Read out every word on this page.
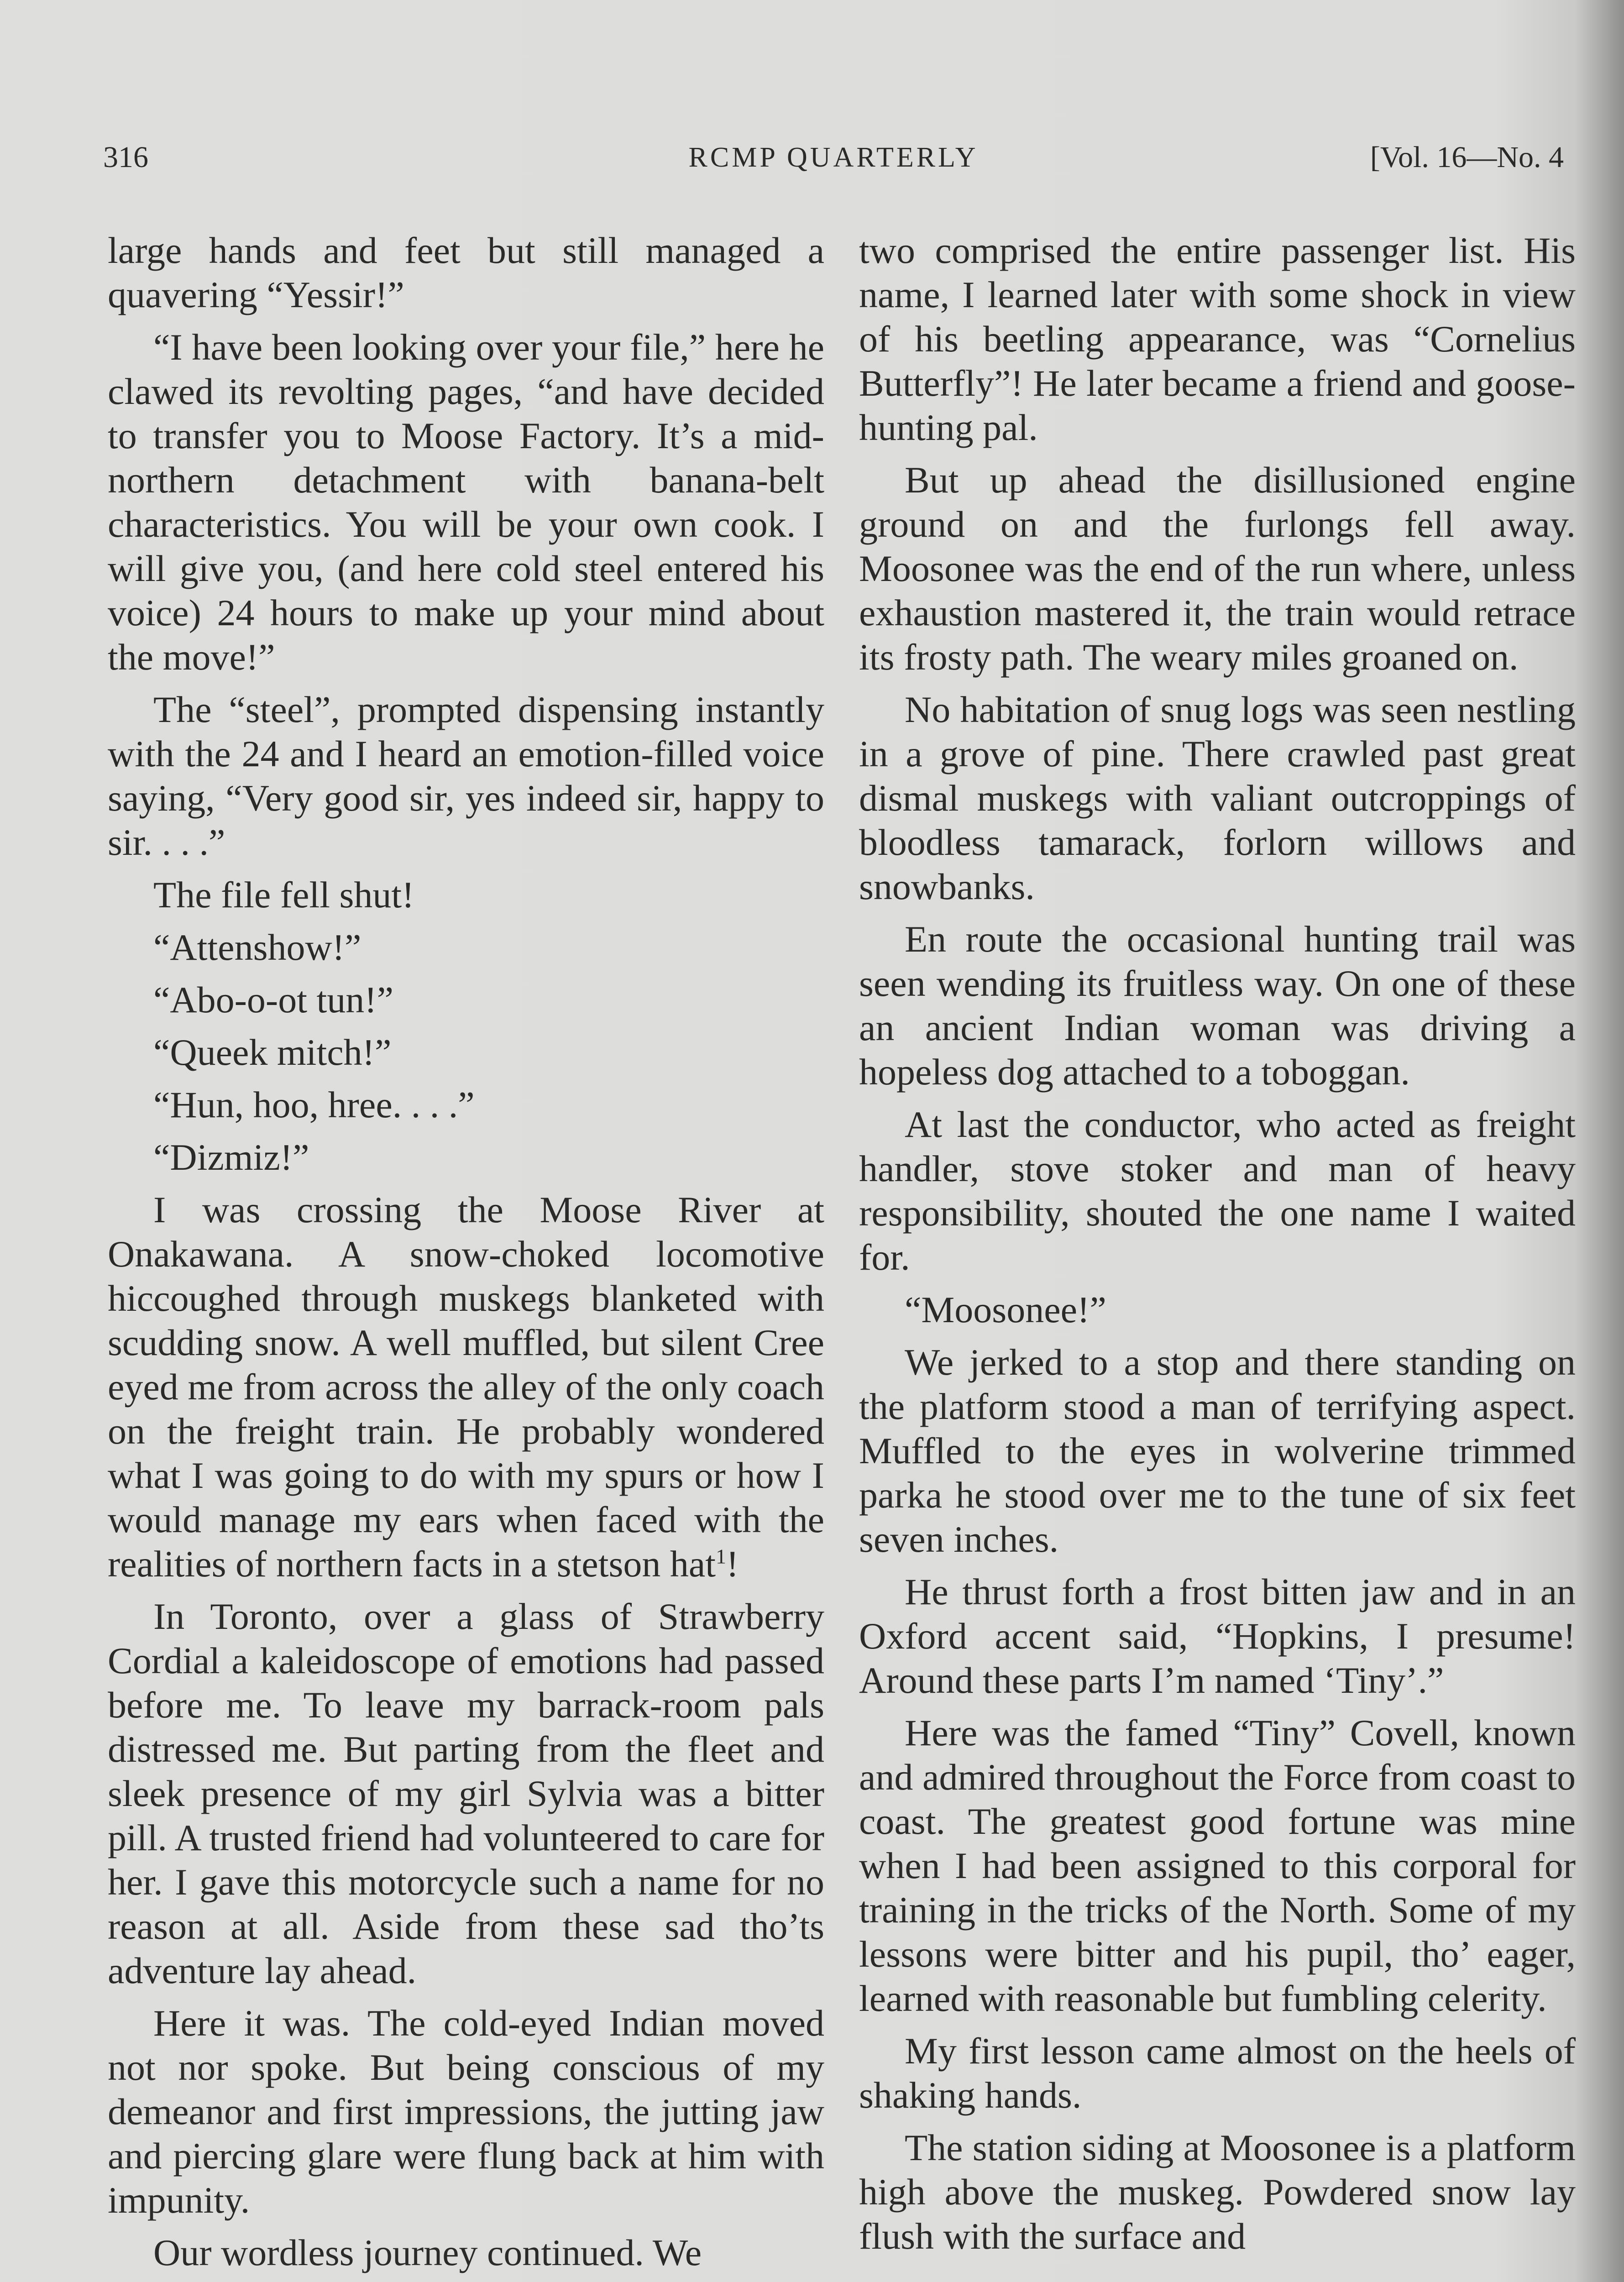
316	RCMP QUARTERLY	[Vol. 16—No. 4

large hands and feet but still managed a quavering “Yessir!”

“I have been looking over your file,” here he clawed its revolting pages, “and have decided to transfer you to Moose Factory. It’s a mid-northern detachment with banana-belt characteristics. You will be your own cook. I will give you, (and here cold steel entered his voice) 24 hours to make up your mind about the move!”

The “steel”, prompted dispensing instantly with the 24 and I heard an emotion-filled voice saying, “Very good sir, yes indeed sir, happy to sir. . . .”

The file fell shut!

“Attenshow!”

“Abo-o-ot tun!”

“Queek mitch!”

“Hun, hoo, hree. . . .”

“Dizmiz!”

I was crossing the Moose River at Onakawana. A snow-choked locomotive hiccoughed through muskegs blanketed with scudding snow. A well muffled, but silent Cree eyed me from across the alley of the only coach on the freight train. He probably wondered what I was going to do with my spurs or how I would manage my ears when faced with the realities of northern facts in a stetson hat$^1$!

In Toronto, over a glass of Strawberry Cordial a kaleidoscope of emotions had passed before me. To leave my barrack-room pals distressed me. But parting from the fleet and sleek presence of my girl Sylvia was a bitter pill. A trusted friend had volunteered to care for her. I gave this motorcycle such a name for no reason at all. Aside from these sad tho’ts adventure lay ahead.

Here it was. The cold-eyed Indian moved not nor spoke. But being conscious of my demeanor and first impressions, the jutting jaw and piercing glare were flung back at him with impunity.

Our wordless journey continued. We

two comprised the entire passenger list. His name, I learned later with some shock in view of his beetling appearance, was “Cornelius Butterfly”! He later became a friend and goose-hunting pal.

But up ahead the disillusioned engine ground on and the furlongs fell away. Moosonee was the end of the run where, unless exhaustion mastered it, the train would retrace its frosty path. The weary miles groaned on.

No habitation of snug logs was seen nestling in a grove of pine. There crawled past great dismal muskegs with valiant outcroppings of bloodless tamarack, forlorn willows and snowbanks.

En route the occasional hunting trail was seen wending its fruitless way. On one of these an ancient Indian woman was driving a hopeless dog attached to a toboggan.

At last the conductor, who acted as freight handler, stove stoker and man of heavy responsibility, shouted the one name I waited for.

“Moosonee!”

We jerked to a stop and there standing on the platform stood a man of terrifying aspect. Muffled to the eyes in wolverine trimmed parka he stood over me to the tune of six feet seven inches.

He thrust forth a frost bitten jaw and in an Oxford accent said, “Hopkins, I presume! Around these parts I’m named ‘Tiny’.”

Here was the famed “Tiny” Covell, known and admired throughout the Force from coast to coast. The greatest good fortune was mine when I had been assigned to this corporal for training in the tricks of the North. Some of my lessons were bitter and his pupil, tho’ eager, learned with reasonable but fumbling celerity.

My first lesson came almost on the heels of shaking hands.

The station siding at Moosonee is a platform high above the muskeg. Powdered snow lay flush with the surface and
